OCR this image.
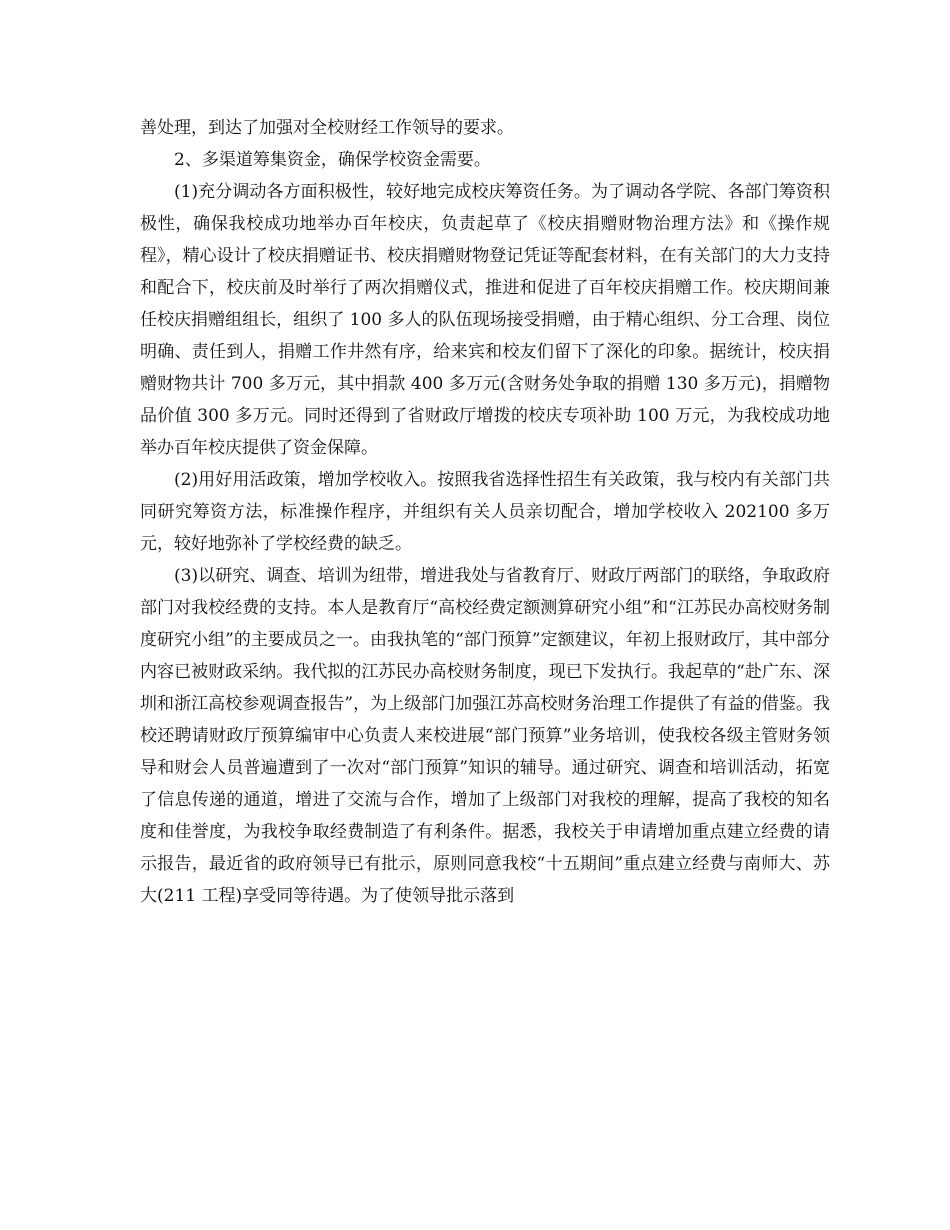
善处理，到达了加强对全校财经工作领导的要求。

2、多渠道筹集资金，确保学校资金需要。

(1)充分调动各方面积极性，较好地完成校庆筹资任务。为了调动各学院、各部门筹资积极性，确保我校成功地举办百年校庆，负责起草了《校庆捐赠财物治理方法》和《操作规程》，精心设计了校庆捐赠证书、校庆捐赠财物登记凭证等配套材料，在有关部门的大力支持和配合下，校庆前及时举行了两次捐赠仪式，推进和促进了百年校庆捐赠工作。校庆期间兼任校庆捐赠组组长，组织了 100 多人的队伍现场接受捐赠，由于精心组织、分工合理、岗位明确、责任到人，捐赠工作井然有序，给来宾和校友们留下了深化的印象。据统计，校庆捐赠财物共计 700 多万元，其中捐款 400 多万元(含财务处争取的捐赠 130 多万元)，捐赠物品价值 300 多万元。同时还得到了省财政厅增拨的校庆专项补助 100 万元，为我校成功地举办百年校庆提供了资金保障。

(2)用好用活政策，增加学校收入。按照我省选择性招生有关政策，我与校内有关部门共同研究筹资方法，标准操作程序，并组织有关人员亲切配合，增加学校收入 202100 多万元，较好地弥补了学校经费的缺乏。

(3)以研究、调查、培训为纽带，增进我处与省教育厅、财政厅两部门的联络，争取政府部门对我校经费的支持。本人是教育厅“高校经费定额测算研究小组”和“江苏民办高校财务制度研究小组”的主要成员之一。由我执笔的“部门预算”定额建议，年初上报财政厅，其中部分内容已被财政采纳。我代拟的江苏民办高校财务制度，现已下发执行。我起草的“赴广东、深圳和浙江高校参观调查报告”，为上级部门加强江苏高校财务治理工作提供了有益的借鉴。我校还聘请财政厅预算编审中心负责人来校进展“部门预算”业务培训，使我校各级主管财务领导和财会人员普遍遭到了一次对“部门预算”知识的辅导。通过研究、调查和培训活动，拓宽了信息传递的通道，增进了交流与合作，增加了上级部门对我校的理解，提高了我校的知名度和佳誉度，为我校争取经费制造了有利条件。据悉，我校关于申请增加重点建立经费的请示报告，最近省的政府领导已有批示，原则同意我校“十五期间”重点建立经费与南师大、苏大(211 工程)享受同等待遇。为了使领导批示落到
